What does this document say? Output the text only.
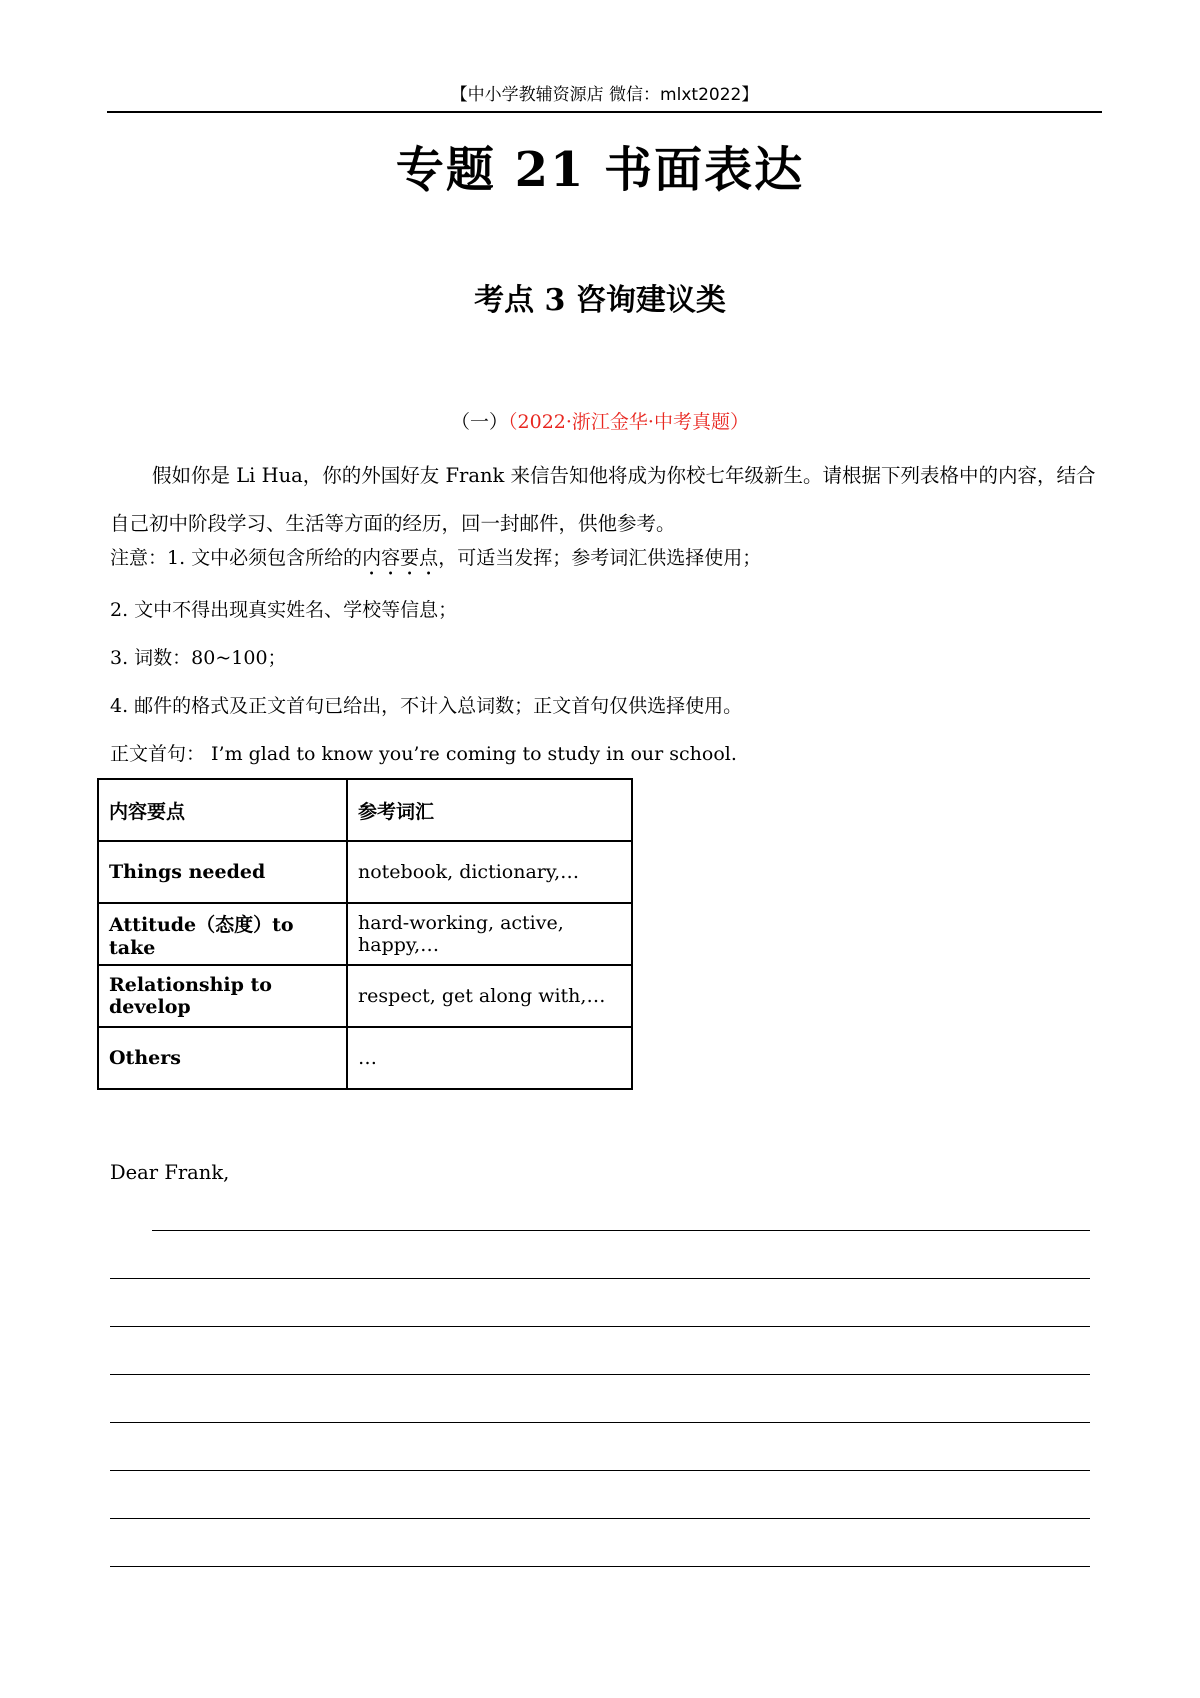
【中小学教辅资源店 微信：mlxt2022】
专题 21 书面表达
考点 3 咨询建议类
（一）（2022·浙江金华·中考真题）

假如你是 Li Hua，你的外国好友 Frank 来信告知他将成为你校七年级新生。请根据下列表格中的内容，结合自己初中阶段学习、生活等方面的经历，回一封邮件，供他参考。

注意：1. 文中必须包含所给的内容要点，可适当发挥；参考词汇供选择使用；
2. 文中不得出现真实姓名、学校等信息；
3. 词数：80~100；
4. 邮件的格式及正文首句已给出，不计入总词数；正文首句仅供选择使用。
正文首句： I’m glad to know you’re coming to study in our school.
内容要点	参考词汇
Things needed	notebook, dictionary,…
Attitude（态度）to take	hard-working, active, happy,…
Relationship to develop	respect, get along with,…
Others	…
Dear Frank,
